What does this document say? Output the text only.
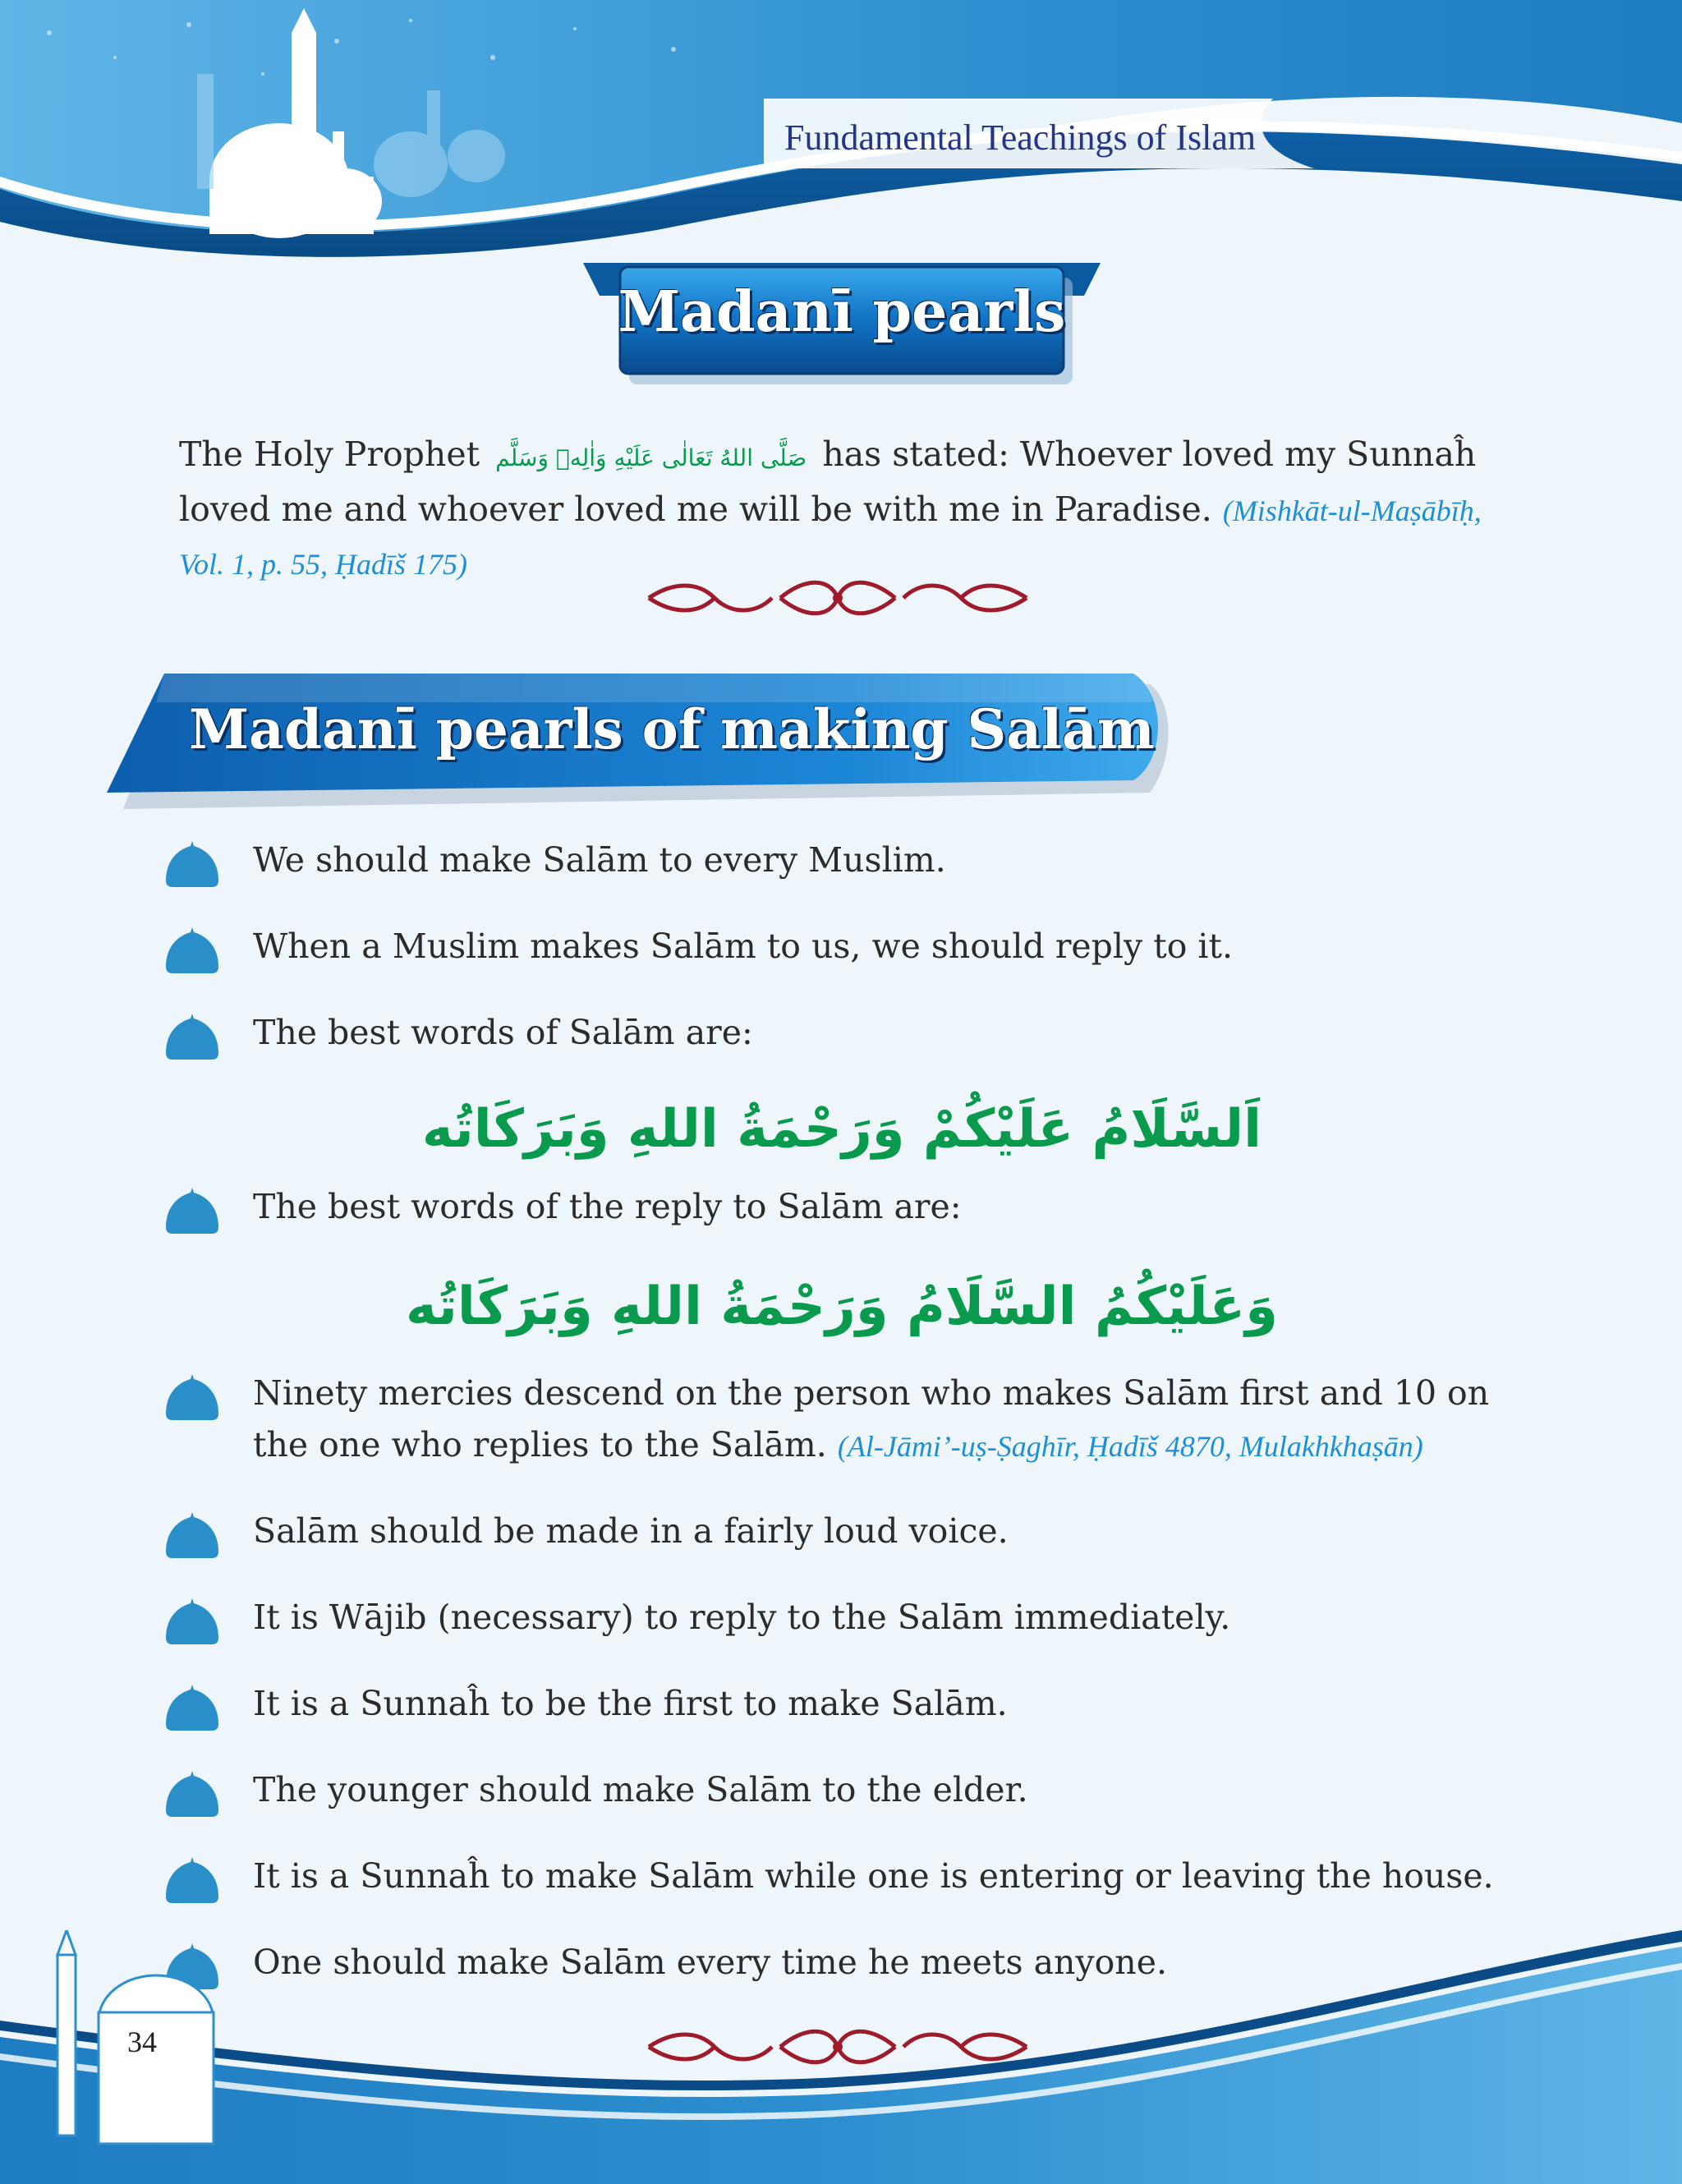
Fundamental Teachings of Islam
Madanī pearls
The Holy Prophet صَلَّى اللهُ تَعَالٰى عَلَيْهِ وَاٰلِهٖ وَسَلَّم has stated: Whoever loved my Sunnaĥ loved me and whoever loved me will be with me in Paradise. (Mishkāt-ul-Maṣābīḥ, Vol. 1, p. 55, Ḥadīš 175)
Madanī pearls of making Salām
We should make Salām to every Muslim.
When a Muslim makes Salām to us, we should reply to it.
The best words of Salām are:
اَلسَّلَامُ عَلَيْكُمْ وَرَحْمَةُ اللهِ وَبَرَكَاتُه
The best words of the reply to Salām are:
وَعَلَيْكُمُ السَّلَامُ وَرَحْمَةُ اللهِ وَبَرَكَاتُه
Ninety mercies descend on the person who makes Salām first and 10 on the one who replies to the Salām. (Al-Jāmi’-uṣ-Ṣaghīr, Ḥadīš 4870, Mulakhkhaṣān)
Salām should be made in a fairly loud voice.
It is Wājib (necessary) to reply to the Salām immediately.
It is a Sunnaĥ to be the first to make Salām.
The younger should make Salām to the elder.
It is a Sunnaĥ to make Salām while one is entering or leaving the house.
One should make Salām every time he meets anyone.
34
